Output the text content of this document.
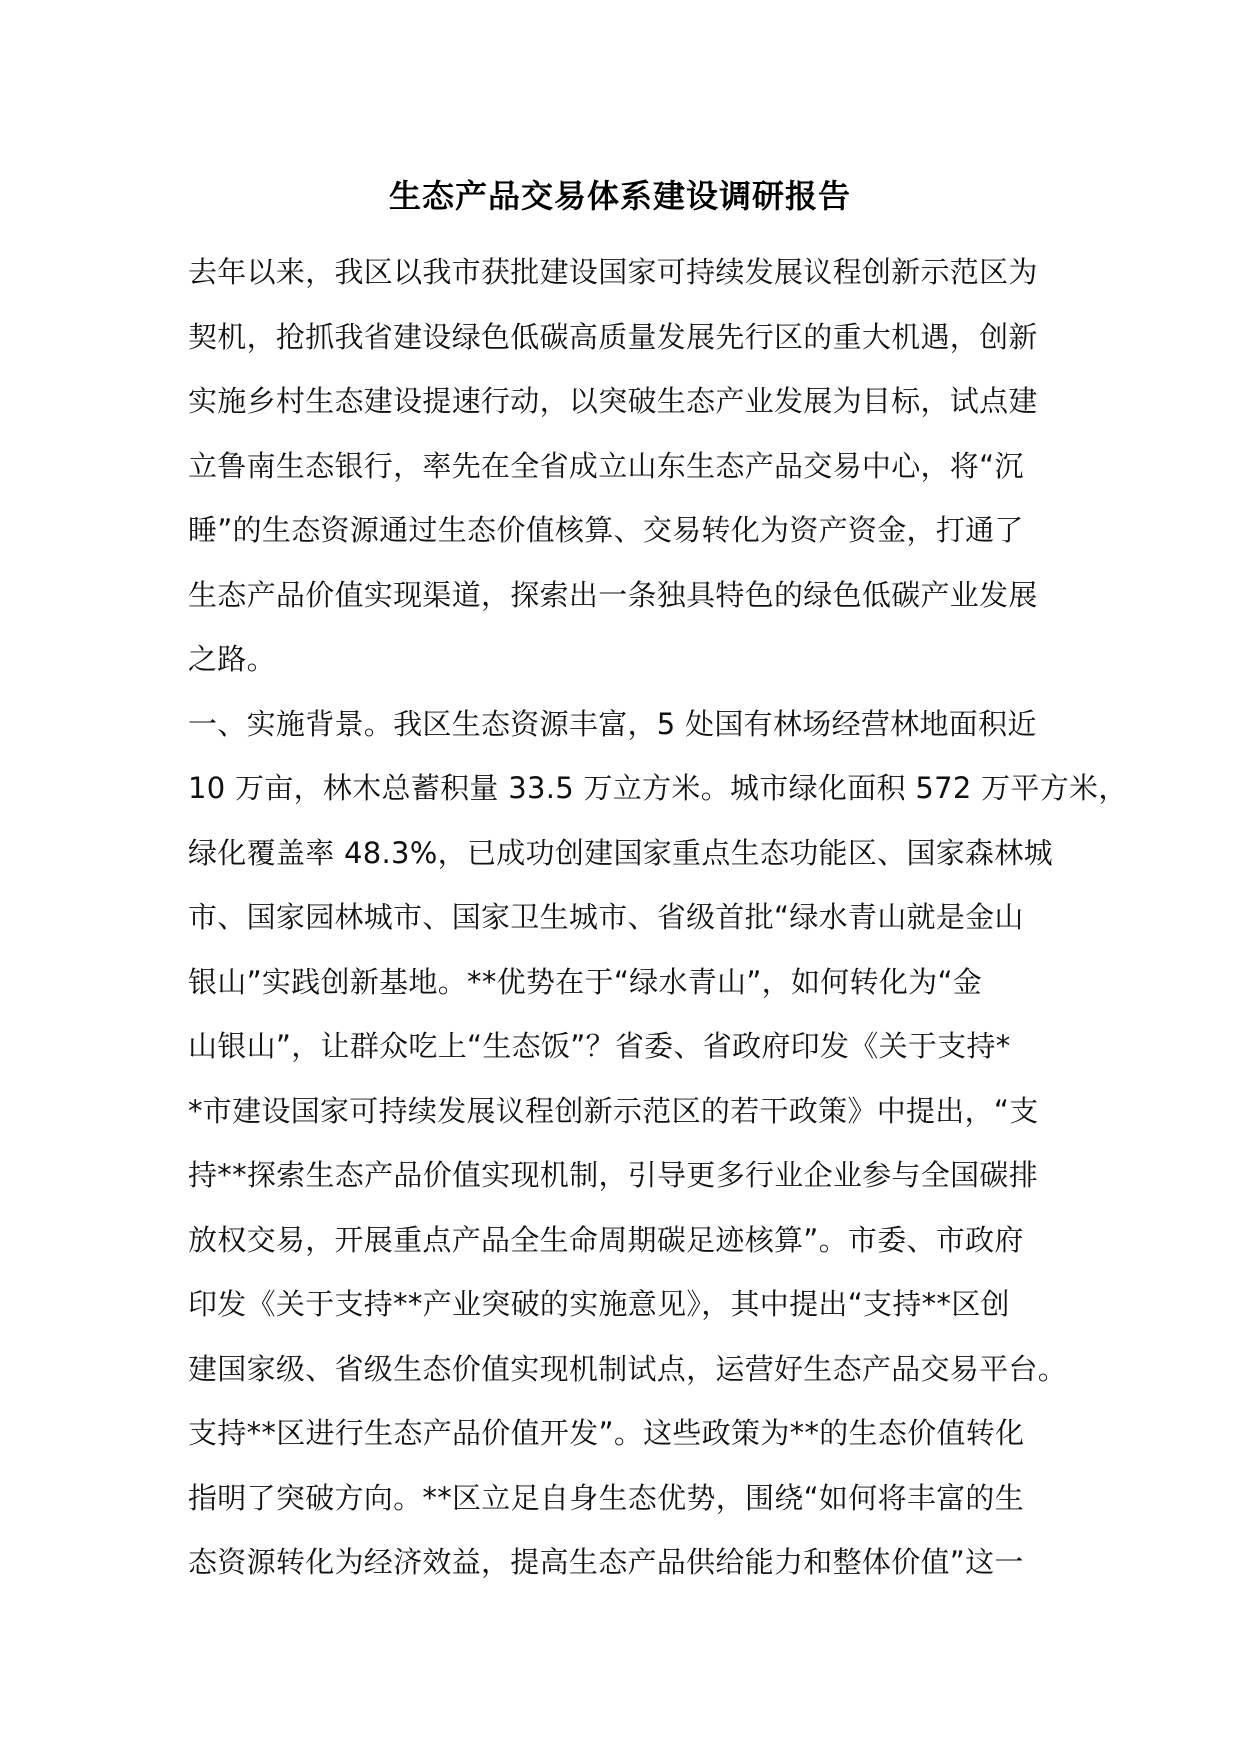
生态产品交易体系建设调研报告
去年以来，我区以我市获批建设国家可持续发展议程创新示范区为
契机，抢抓我省建设绿色低碳高质量发展先行区的重大机遇，创新
实施乡村生态建设提速行动，以突破生态产业发展为目标，试点建
立鲁南生态银行，率先在全省成立山东生态产品交易中心，将“沉
睡”的生态资源通过生态价值核算、交易转化为资产资金，打通了
生态产品价值实现渠道，探索出一条独具特色的绿色低碳产业发展
之路。
一、实施背景。我区生态资源丰富，5 处国有林场经营林地面积近
10 万亩，林木总蓄积量 33.5 万立方米。城市绿化面积 572 万平方米，
绿化覆盖率 48.3%，已成功创建国家重点生态功能区、国家森林城
市、国家园林城市、国家卫生城市、省级首批“绿水青山就是金山
银山”实践创新基地。**优势在于“绿水青山”，如何转化为“金
山银山”，让群众吃上“生态饭”？省委、省政府印发《关于支持*
*市建设国家可持续发展议程创新示范区的若干政策》中提出，“支
持**探索生态产品价值实现机制，引导更多行业企业参与全国碳排
放权交易，开展重点产品全生命周期碳足迹核算”。市委、市政府
印发《关于支持**产业突破的实施意见》，其中提出“支持**区创
建国家级、省级生态价值实现机制试点，运营好生态产品交易平台。
支持**区进行生态产品价值开发”。这些政策为**的生态价值转化
指明了突破方向。**区立足自身生态优势，围绕“如何将丰富的生
态资源转化为经济效益，提高生态产品供给能力和整体价值”这一
